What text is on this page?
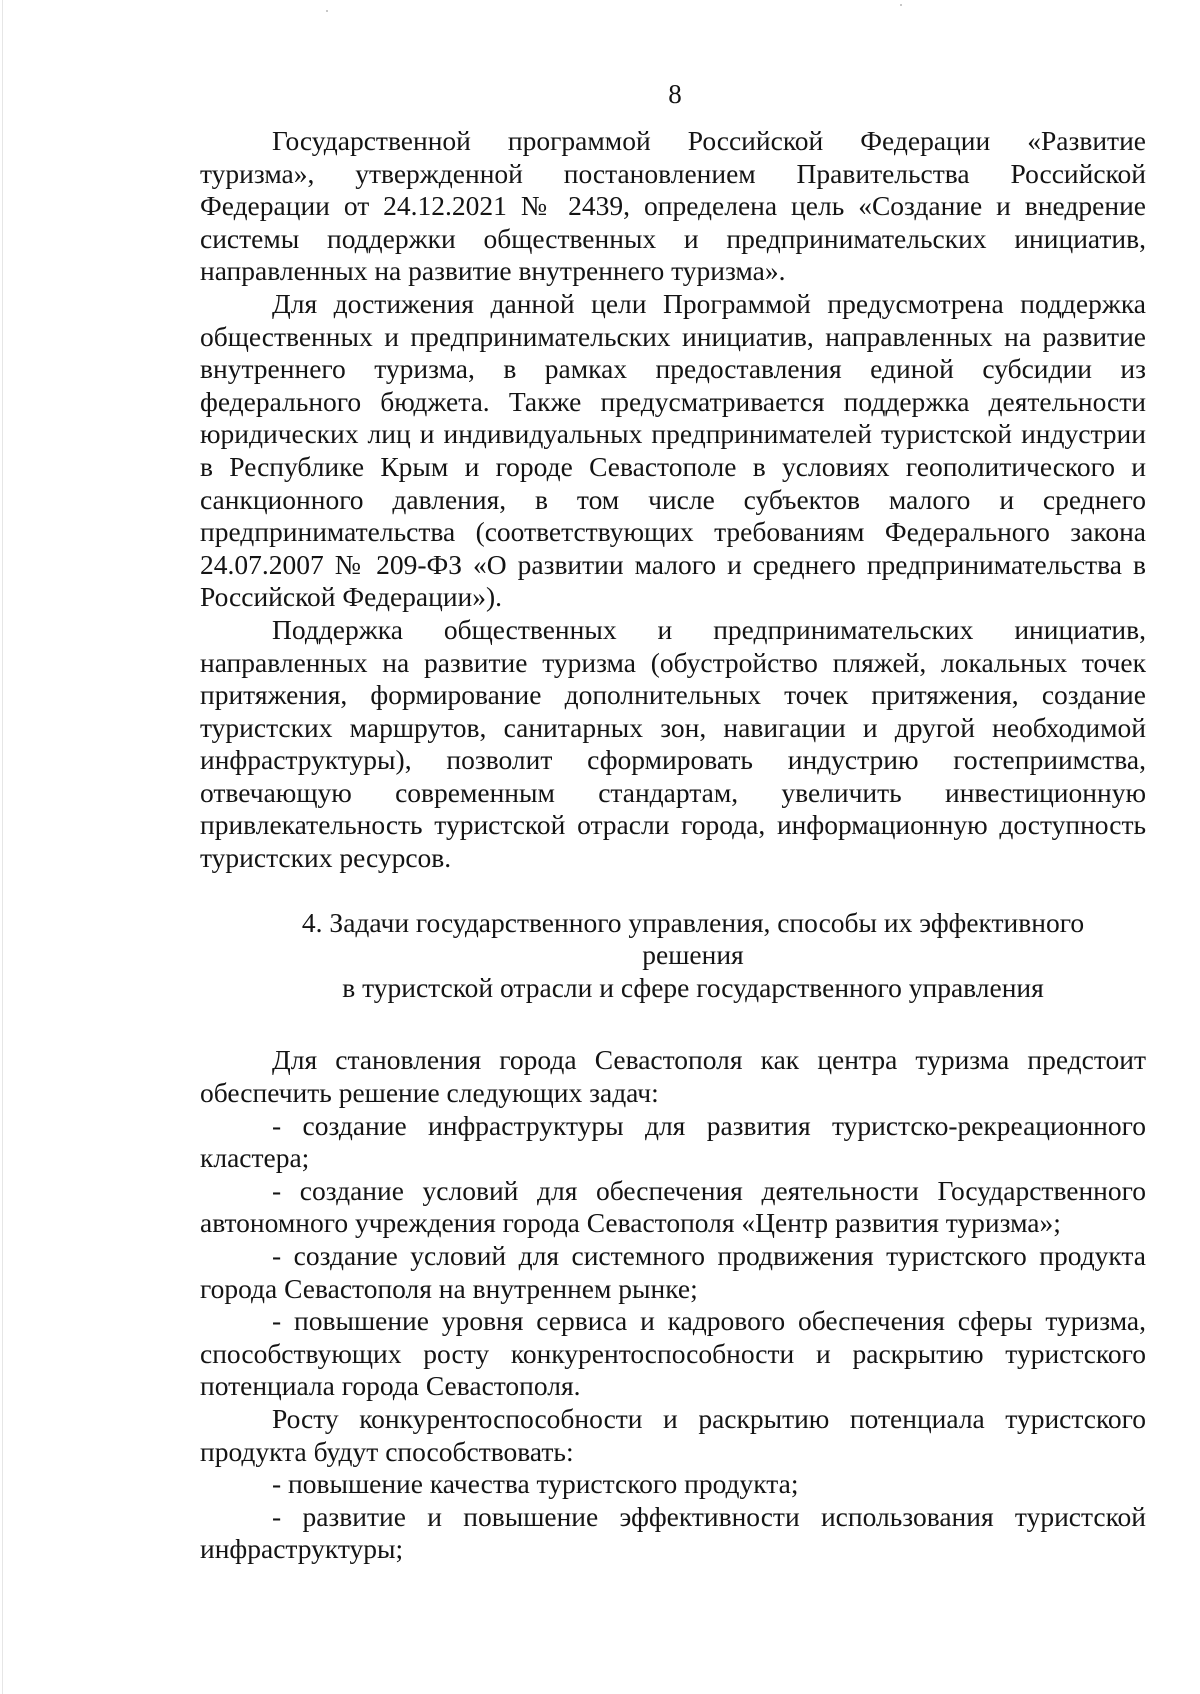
8

Государственной программой Российской Федерации «Развитие туризма», утвержденной постановлением Правительства Российской Федерации от 24.12.2021 № 2439, определена цель «Создание и внедрение системы поддержки общественных и предпринимательских инициатив, направленных на развитие внутреннего туризма».

Для достижения данной цели Программой предусмотрена поддержка общественных и предпринимательских инициатив, направленных на развитие внутреннего туризма, в рамках предоставления единой субсидии из федерального бюджета. Также предусматривается поддержка деятельности юридических лиц и индивидуальных предпринимателей туристской индустрии в Республике Крым и городе Севастополе в условиях геополитического и санкционного давления, в том числе субъектов малого и среднего предпринимательства (соответствующих требованиям Федерального закона 24.07.2007 № 209-ФЗ «О развитии малого и среднего предпринимательства в Российской Федерации»).

Поддержка общественных и предпринимательских инициатив, направленных на развитие туризма (обустройство пляжей, локальных точек притяжения, формирование дополнительных точек притяжения, создание туристских маршрутов, санитарных зон, навигации и другой необходимой инфраструктуры), позволит сформировать индустрию гостеприимства, отвечающую современным стандартам, увеличить инвестиционную привлекательность туристской отрасли города, информационную доступность туристских ресурсов.

4. Задачи государственного управления, способы их эффективного
решения
в туристской отрасли и сфере государственного управления

Для становления города Севастополя как центра туризма предстоит обеспечить решение следующих задач:

- создание инфраструктуры для развития туристско-рекреационного кластера;

- создание условий для обеспечения деятельности Государственного автономного учреждения города Севастополя «Центр развития туризма»;

- создание условий для системного продвижения туристского продукта города Севастополя на внутреннем рынке;

- повышение уровня сервиса и кадрового обеспечения сферы туризма, способствующих росту конкурентоспособности и раскрытию туристского потенциала города Севастополя.

Росту конкурентоспособности и раскрытию потенциала туристского продукта будут способствовать:

- повышение качества туристского продукта;

- развитие и повышение эффективности использования туристской инфраструктуры;
